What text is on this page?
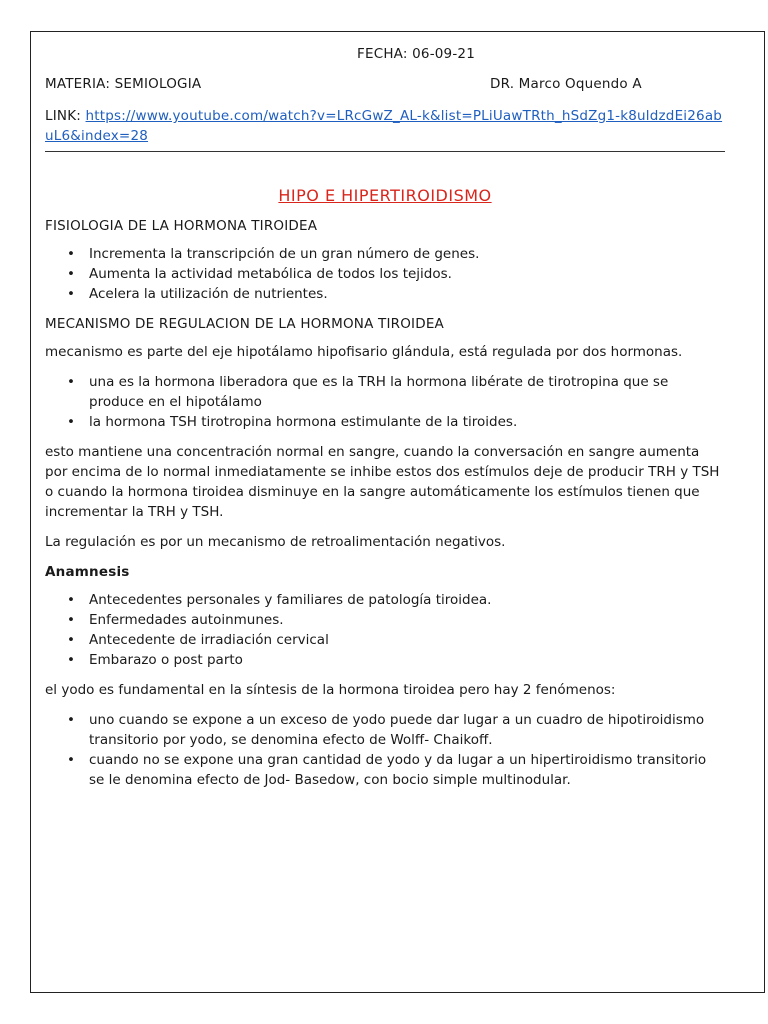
FECHA: 06-09-21
MATERIA: SEMIOLOGIA	DR. Marco Oquendo A
LINK: https://www.youtube.com/watch?v=LRcGwZ_AL-k&list=PLiUawTRth_hSdZg1-k8uldzdEi26abuL6&index=28
HIPO E HIPERTIROIDISMO
FISIOLOGIA DE LA HORMONA TIROIDEA
• Incrementa la transcripción de un gran número de genes.
• Aumenta la actividad metabólica de todos los tejidos.
• Acelera la utilización de nutrientes.
MECANISMO DE REGULACION DE LA HORMONA TIROIDEA

mecanismo es parte del eje hipotálamo hipofisario glándula, está regulada por dos hormonas.

• una es la hormona liberadora que es la TRH la hormona libérate de tirotropina que se produce en el hipotálamo
• la hormona TSH tirotropina hormona estimulante de la tiroides.

esto mantiene una concentración normal en sangre, cuando la conversación en sangre aumenta por encima de lo normal inmediatamente se inhibe estos dos estímulos deje de producir TRH y TSH o cuando la hormona tiroidea disminuye en la sangre automáticamente los estímulos tienen que incrementar la TRH y TSH.

La regulación es por un mecanismo de retroalimentación negativos.

Anamnesis
• Antecedentes personales y familiares de patología tiroidea.
• Enfermedades autoinmunes.
• Antecedente de irradiación cervical
• Embarazo o post parto

el yodo es fundamental en la síntesis de la hormona tiroidea pero hay 2 fenómenos:

• uno cuando se expone a un exceso de yodo puede dar lugar a un cuadro de hipotiroidismo transitorio por yodo, se denomina efecto de Wolff- Chaikoff.
• cuando no se expone una gran cantidad de yodo y da lugar a un hipertiroidismo transitorio se le denomina efecto de Jod- Basedow, con bocio simple multinodular.
